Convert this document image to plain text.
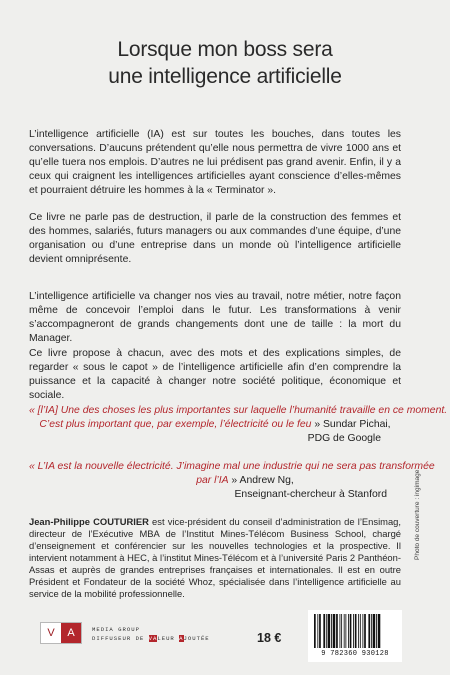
Lorsque mon boss sera
une intelligence artificielle

L’intelligence artificielle (IA) est sur toutes les bouches, dans toutes les conversations. D’aucuns prétendent qu’elle nous permettra de vivre 1000 ans et qu’elle tuera nos emplois. D’autres ne lui prédisent pas grand avenir. Enfin, il y a ceux qui craignent les intelligences artificielles ayant conscience d’elles-mêmes et pourraient détruire les hommes à la « Terminator ».

Ce livre ne parle pas de destruction, il parle de la construction des femmes et des hommes, salariés, futurs managers ou aux commandes d’une équipe, d’une organisation ou d’une entreprise dans un monde où l’intelligence artificielle devient omniprésente.

L’intelligence artificielle va changer nos vies au travail, notre métier, notre façon même de concevoir l’emploi dans le futur. Les transformations à venir s’accompagneront de grands changements dont une de taille : la mort du Manager.

Ce livre propose à chacun, avec des mots et des explications simples, de regarder « sous le capot » de l’intelligence artificielle afin d’en comprendre la puissance et la capacité à changer notre société politique, économique et sociale.

« [l’IA] Une des choses les plus importantes sur laquelle l’humanité travaille en ce moment.
C’est plus important que, par exemple, l’électricité ou le feu » Sundar Pichai,
PDG de Google
« L’IA est la nouvelle électricité. J’imagine mal une industrie qui ne sera pas transformée
par l’IA » Andrew Ng,
Enseignant-chercheur à Stanford

Jean-Philippe COUTURIER est vice-président du conseil d’administration de l’Ensimag, directeur de l’Exécutive MBA de l’Institut Mines-Télécom Business School, chargé d’enseignement et conférencier sur les nouvelles technologies et la prospective. Il intervient notamment à HEC, à l’institut Mines-Télécom et à l’université Paris 2 Panthéon-Assas et auprès de grandes entreprises françaises et internationales. Il est en outre Président et Fondateur de la société Whoz, spécialisée dans l’intelligence artificielle au service de la mobilité professionnelle.

Photo de couverture : ingimage
V	A	MEDIA GROUP
DIFFUSEUR DE VALEUR AJOUTÉE	18 €
9 782360 930128
